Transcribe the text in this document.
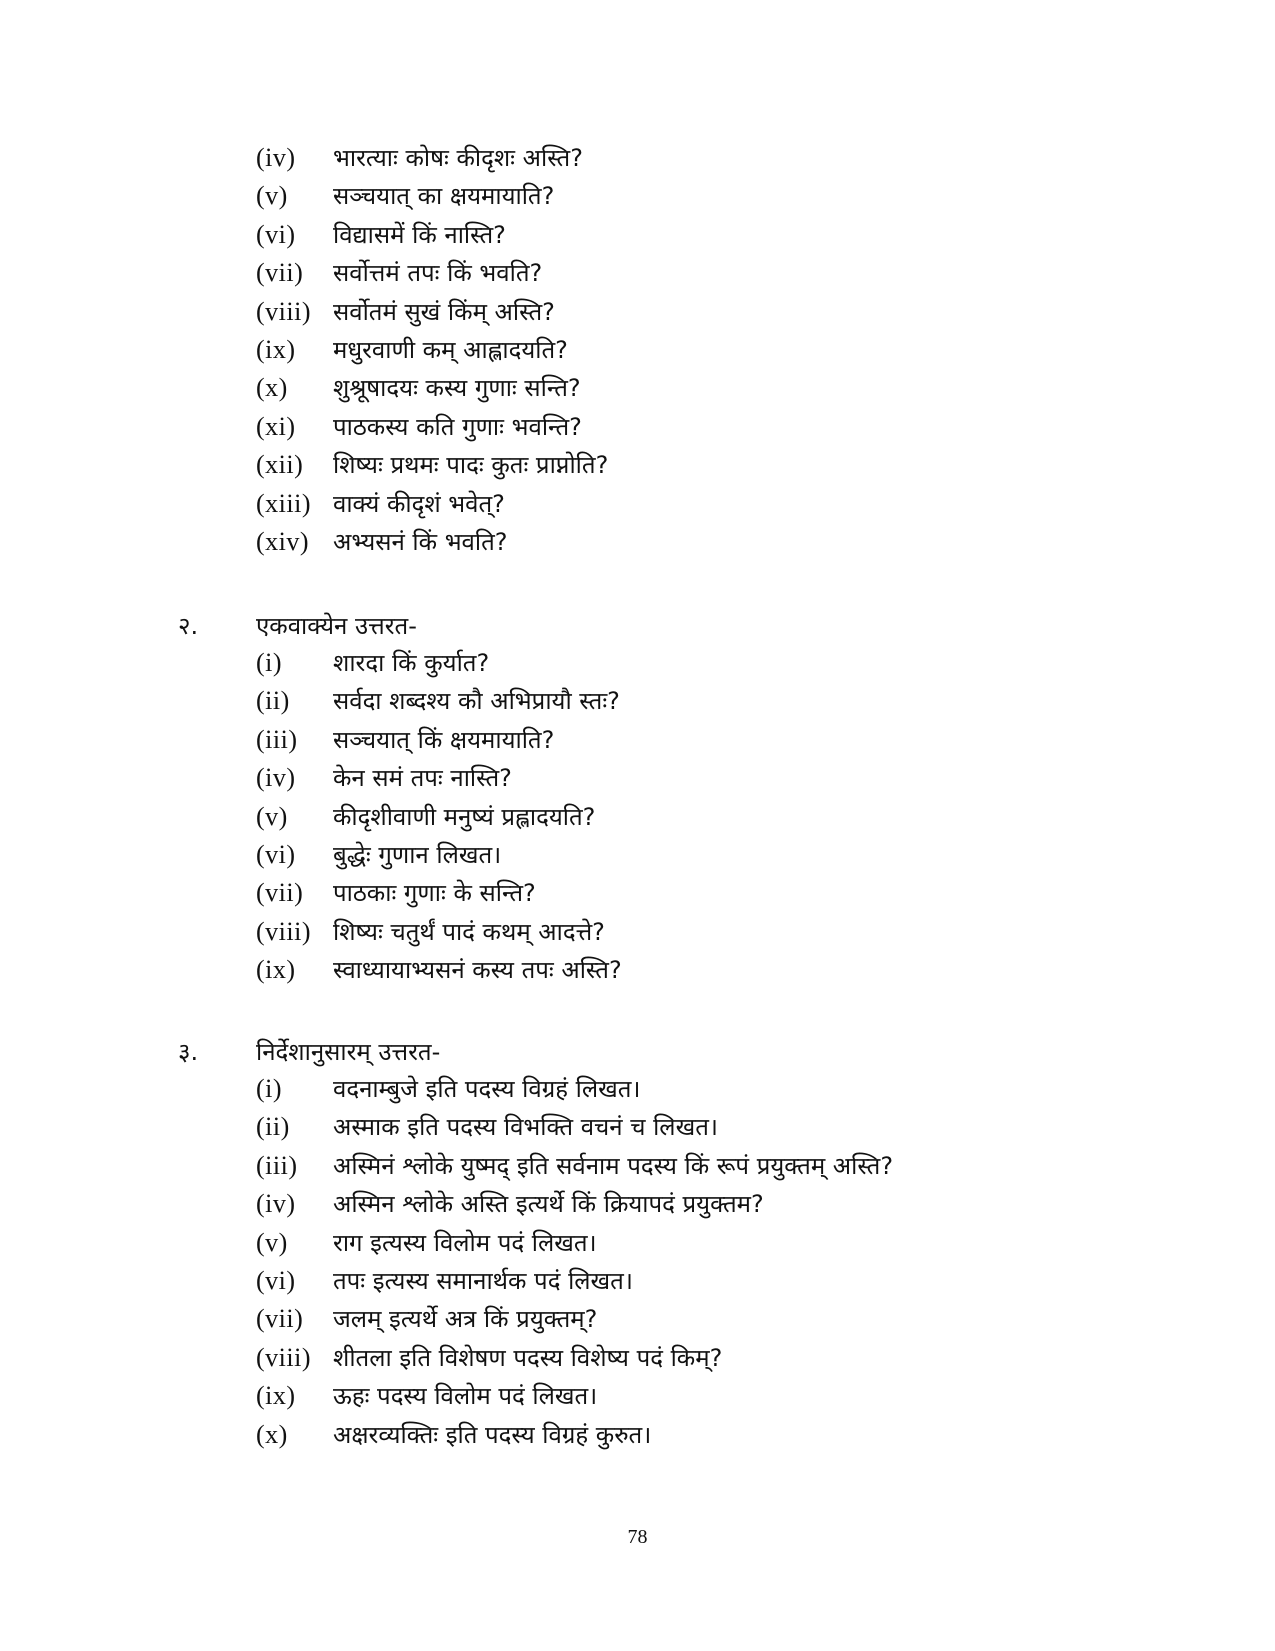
(iv) भारत्याः कोषः कीदृशः अस्ति?
(v) सञ्चयात् का क्षयमायाति?
(vi) विद्यासमें किं नास्ति?
(vii) सर्वोत्तमं तपः किं भवति?
(viii) सर्वोतमं सुखं किंम् अस्ति?
(ix) मधुरवाणी कम् आह्लादयति?
(x) शुश्रूषादयः कस्य गुणाः सन्ति?
(xi) पाठकस्य कति गुणाः भवन्ति?
(xii) शिष्यः प्रथमः पादः कुतः प्राप्नोति?
(xiii) वाक्यं कीदृशं भवेत्?
(xiv) अभ्यसनं किं भवति?
२. एकवाक्येन उत्तरत-
(i) शारदा किं कुर्यात?
(ii) सर्वदा शब्दश्य कौ अभिप्रायौ स्तः?
(iii) सञ्चयात् किं क्षयमायाति?
(iv) केन समं तपः नास्ति?
(v) कीदृशीवाणी मनुष्यं प्रह्लादयति?
(vi) बुद्धेः गुणान लिखत।
(vii) पाठकाः गुणाः के सन्ति?
(viii) शिष्यः चतुर्थं पादं कथम् आदत्ते?
(ix) स्वाध्यायाभ्यसनं कस्य तपः अस्ति?
३. निर्देशानुसारम् उत्तरत-
(i) वदनाम्बुजे इति पदस्य विग्रहं लिखत।
(ii) अस्माक इति पदस्य विभक्ति वचनं च लिखत।
(iii) अस्मिनं श्लोके युष्मद् इति सर्वनाम पदस्य किं रूपं प्रयुक्तम् अस्ति?
(iv) अस्मिन श्लोके अस्ति इत्यर्थे किं क्रियापदं प्रयुक्तम?
(v) राग इत्यस्य विलोम पदं लिखत।
(vi) तपः इत्यस्य समानार्थक पदं लिखत।
(vii) जलम् इत्यर्थे अत्र किं प्रयुक्तम्?
(viii) शीतला इति विशेषण पदस्य विशेष्य पदं किम्?
(ix) ऊहः पदस्य विलोम पदं लिखत।
(x) अक्षरव्यक्तिः इति पदस्य विग्रहं कुरुत।
78
